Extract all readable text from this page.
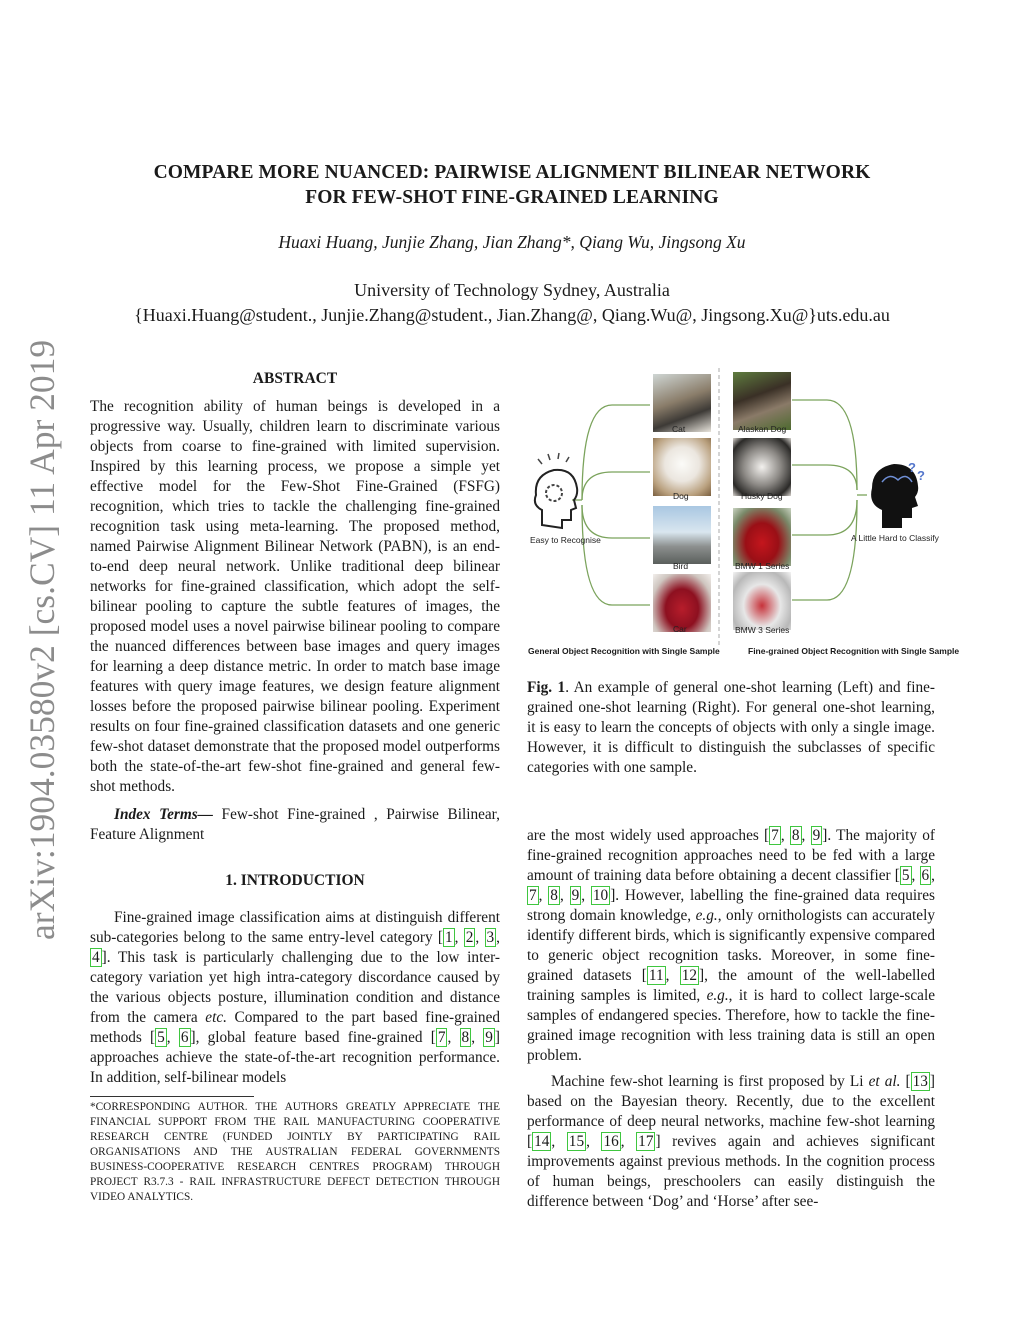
arXiv:1904.03580v2 [cs.CV] 11 Apr 2019
COMPARE MORE NUANCED: PAIRWISE ALIGNMENT BILINEAR NETWORK
FOR FEW-SHOT FINE-GRAINED LEARNING
Huaxi Huang, Junjie Zhang, Jian Zhang*, Qiang Wu, Jingsong Xu
University of Technology Sydney, Australia
{Huaxi.Huang@student., Junjie.Zhang@student., Jian.Zhang@, Qiang.Wu@, Jingsong.Xu@}uts.edu.au
ABSTRACT

The recognition ability of human beings is developed in a progressive way. Usually, children learn to discriminate various objects from coarse to fine-grained with limited supervision. Inspired by this learning process, we propose a simple yet effective model for the Few-Shot Fine-Grained (FSFG) recognition, which tries to tackle the challenging fine-grained recognition task using meta-learning. The proposed method, named Pairwise Alignment Bilinear Network (PABN), is an end-to-end deep neural network. Unlike traditional deep bilinear networks for fine-grained classification, which adopt the self-bilinear pooling to capture the subtle features of images, the proposed model uses a novel pairwise bilinear pooling to compare the nuanced differences between base images and query images for learning a deep distance metric. In order to match base image features with query image features, we design feature alignment losses before the proposed pairwise bilinear pooling. Experiment results on four fine-grained classification datasets and one generic few-shot dataset demonstrate that the proposed model outperforms both the state-of-the-art few-shot fine-grained and general few-shot methods.

Index Terms— Few-shot Fine-grained , Pairwise Bilinear, Feature Alignment

1. INTRODUCTION

Fine-grained image classification aims at distinguish different sub-categories belong to the same entry-level category [ 1 , 2 , 3 , 4 ]. This task is particularly challenging due to the low inter-category variation yet high intra-category discordance caused by the various objects posture, illumination condition and distance from the camera etc. Compared to the part based fine-grained methods [ 5 , 6 ], global feature based fine-grained [ 7 , 8 , 9 ] approaches achieve the state-of-the-art recognition performance. In addition, self-bilinear models

*CORRESPONDING AUTHOR. THE AUTHORS GREATLY APPRECIATE THE FINANCIAL SUPPORT FROM THE RAIL MANUFACTURING COOPERATIVE RESEARCH CENTRE (FUNDED JOINTLY BY PARTICIPATING RAIL ORGANISATIONS AND THE AUSTRALIAN FEDERAL GOVERNMENTS BUSINESS-COOPERATIVE RESEARCH CENTRES PROGRAM) THROUGH PROJECT R3.7.3 - RAIL INFRASTRUCTURE DEFECT DETECTION THROUGH VIDEO ANALYTICS.
?
?
Cat
Dog
Bird
Car
Alaskan Dog
Husky Dog
BMW 1 Series
BMW 3 Series
Easy to Recognise	A Little Hard to Classify
General Object Recognition with Single Sample	Fine-grained Object Recognition with Single Sample
Fig. 1. An example of general one-shot learning (Left) and fine-grained one-shot learning (Right). For general one-shot learning, it is easy to learn the concepts of objects with only a single image. However, it is difficult to distinguish the subclasses of specific categories with one sample.

are the most widely used approaches [ 7 , 8 , 9 ]. The majority of fine-grained recognition approaches need to be fed with a large amount of training data before obtaining a decent classifier [ 5 , 6 , 7 , 8 , 9 , 10 ]. However, labelling the fine-grained data requires strong domain knowledge, e.g., only ornithologists can accurately identify different birds, which is significantly expensive compared to generic object recognition tasks. Moreover, in some fine-grained datasets [ 11 , 12 ], the amount of the well-labelled training samples is limited, e.g., it is hard to collect large-scale samples of endangered species. Therefore, how to tackle the fine-grained image recognition with less training data is still an open problem.

Machine few-shot learning is first proposed by Li et al. [ 13 ] based on the Bayesian theory. Recently, due to the excellent performance of deep neural networks, machine few-shot learning [ 14 , 15 , 16 , 17 ] revives again and achieves significant improvements against previous methods. In the cognition process of human beings, preschoolers can easily distinguish the difference between ‘Dog’ and ‘Horse’ after see-
